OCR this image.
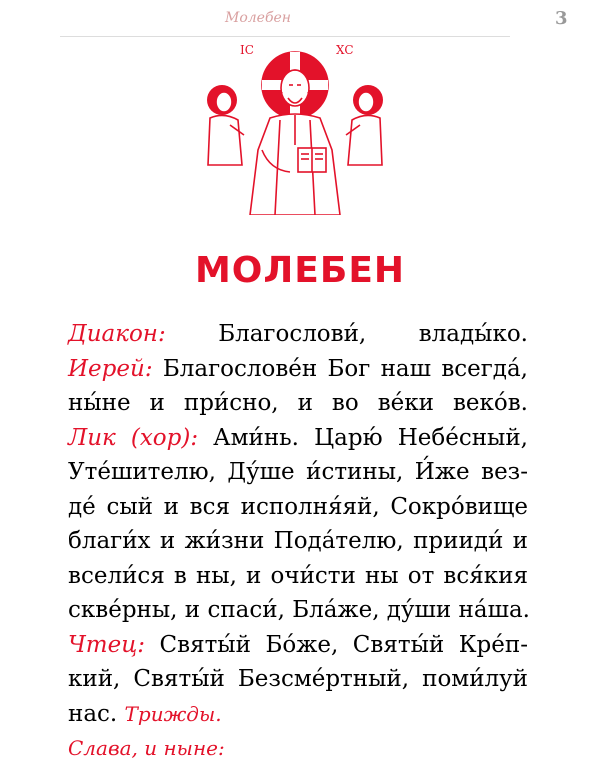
Молебен	3
IC	XC
МОЛЕБЕН
Диакон: Благослови́, влады́ко.
Иерей: Благослове́н Бог наш всегда́,
ны́не и при́сно, и во ве́ки веко́в.
Лик (хор): Ами́нь. Царю́ Небе́сный,
Уте́шителю, Ду́ше и́стины, И́же вез-
де́ сый и вся исполня́яй, Сокро́вище
благи́х и жи́зни Пода́телю, прииди́ и
всели́ся в ны, и очи́сти ны от вся́кия
скве́рны, и спаси́, Бла́же, ду́ши на́ша.
Чтец: Святы́й Бо́же, Святы́й Кре́п-
кий, Святы́й Безсме́ртный, поми́луй
нас. Трижды.
Слава, и ныне:
